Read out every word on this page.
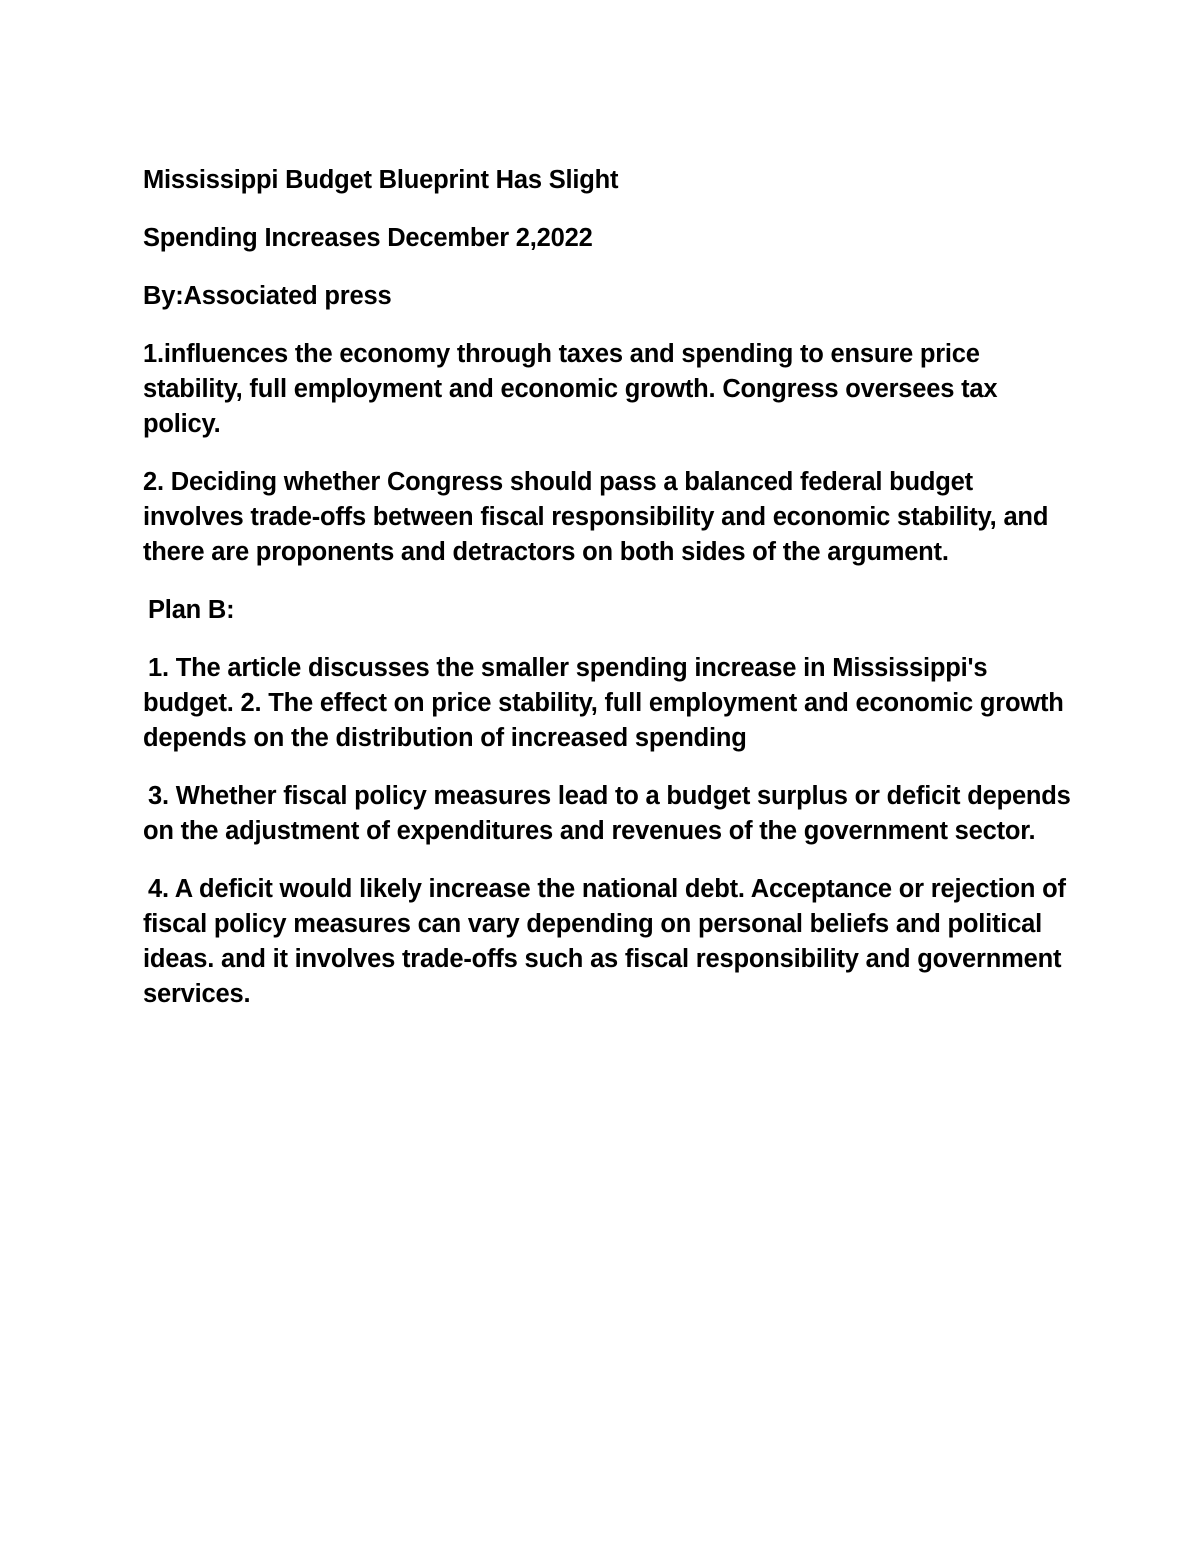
Mississippi Budget Blueprint Has Slight

Spending Increases December 2,2022

By:Associated press

1.influences the economy through taxes and spending to ensure price stability, full employment and economic growth. Congress oversees tax policy.

2. Deciding whether Congress should pass a balanced federal budget involves trade-offs between fiscal responsibility and economic stability, and there are proponents and detractors on both sides of the argument.

Plan B:

1. The article discusses the smaller spending increase in Mississippi's budget. 2. The effect on price stability, full employment and economic growth depends on the distribution of increased spending

3. Whether fiscal policy measures lead to a budget surplus or deficit depends on the adjustment of expenditures and revenues of the government sector.

4. A deficit would likely increase the national debt. Acceptance or rejection of fiscal policy measures can vary depending on personal beliefs and political ideas. and it involves trade-offs such as fiscal responsibility and government services.
